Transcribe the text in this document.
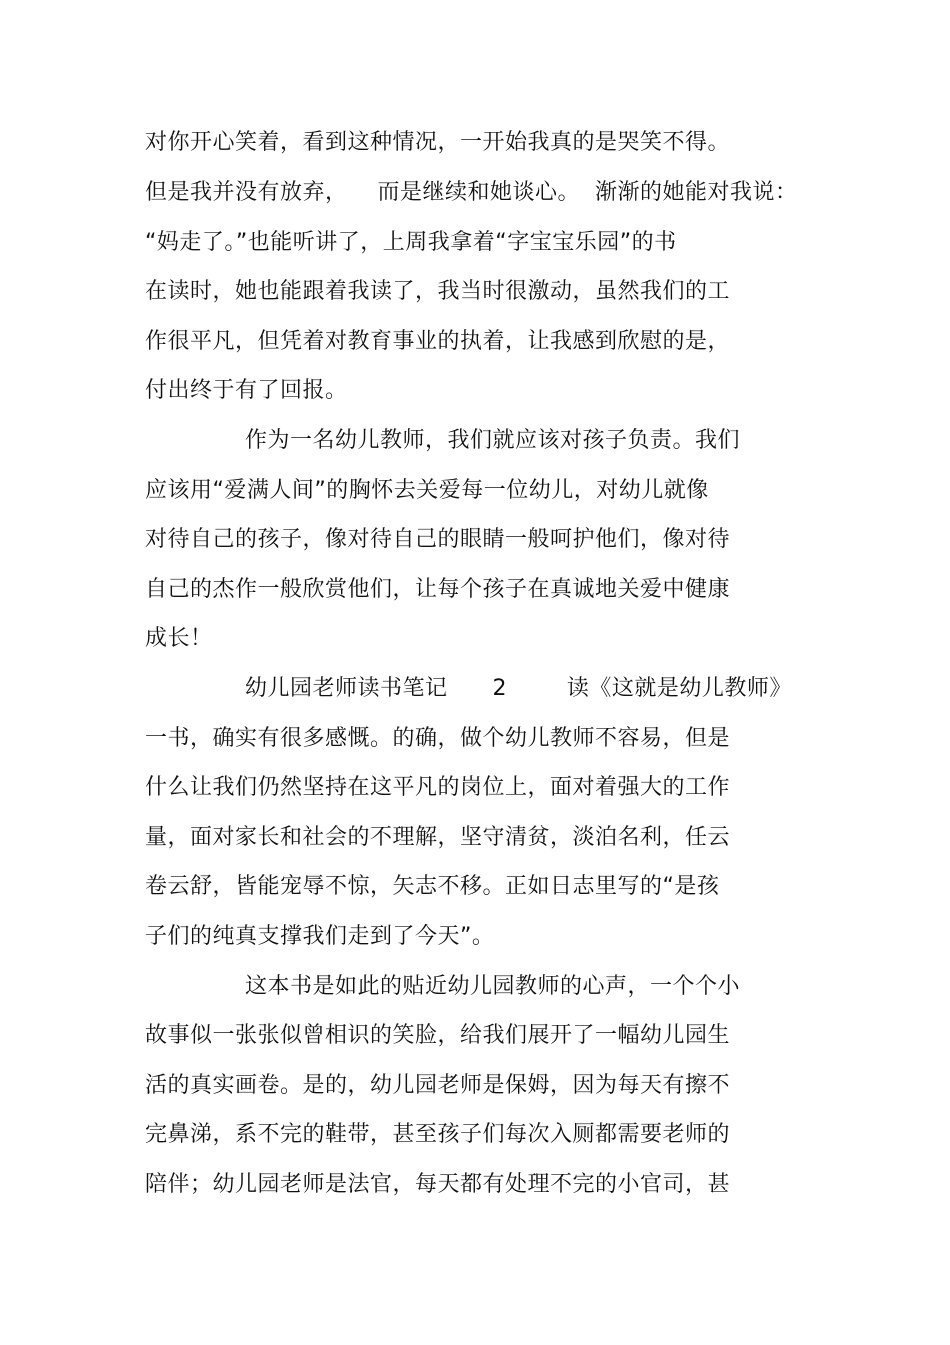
对你开心笑着，看到这种情况，一开始我真的是哭笑不得。
但是我并没有放弃，    而是继续和她谈心。  渐渐的她能对我说：
“妈走了。”也能听讲了，上周我拿着“字宝宝乐园”的书
在读时，她也能跟着我读了，我当时很激动，虽然我们的工
作很平凡，但凭着对教育事业的执着，让我感到欣慰的是，
付出终于有了回报。
作为一名幼儿教师，我们就应该对孩子负责。我们
应该用“爱满人间”的胸怀去关爱每一位幼儿，对幼儿就像
对待自己的孩子，像对待自己的眼睛一般呵护他们，像对待
自己的杰作一般欣赏他们，让每个孩子在真诚地关爱中健康
成长！
幼儿园老师读书笔记      2        读《这就是幼儿教师》
一书，确实有很多感慨。的确，做个幼儿教师不容易，但是
什么让我们仍然坚持在这平凡的岗位上，面对着强大的工作
量，面对家长和社会的不理解，坚守清贫，淡泊名利，任云
卷云舒，皆能宠辱不惊，矢志不移。正如日志里写的“是孩
子们的纯真支撑我们走到了今天”。
这本书是如此的贴近幼儿园教师的心声，一个个小
故事似一张张似曾相识的笑脸，给我们展开了一幅幼儿园生
活的真实画卷。是的，幼儿园老师是保姆，因为每天有擦不
完鼻涕，系不完的鞋带，甚至孩子们每次入厕都需要老师的
陪伴；幼儿园老师是法官，每天都有处理不完的小官司，甚
